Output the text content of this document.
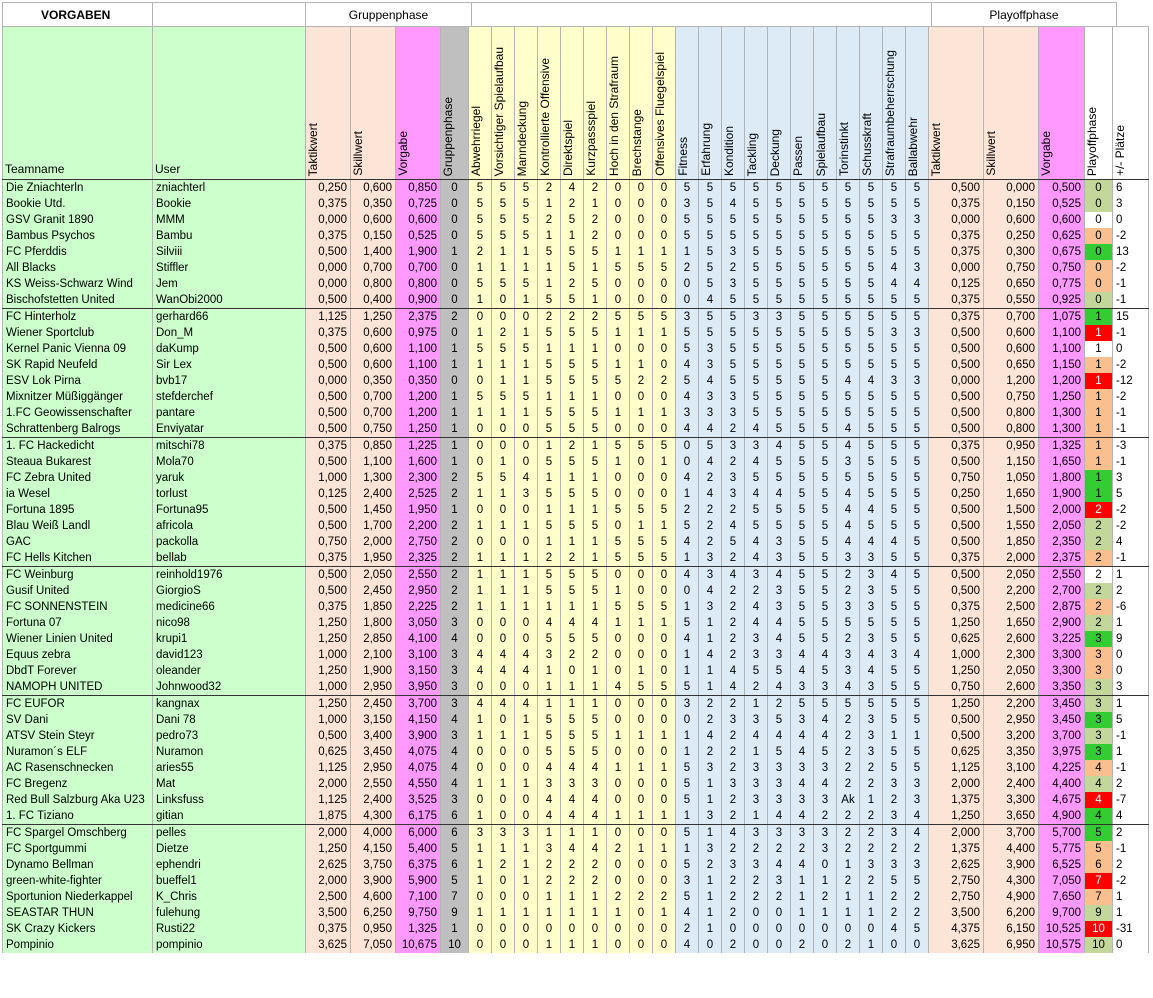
VORGABEN		Gruppenphase		Playoffphase	
Teamname	User	Taktikwert	Skillwert	Vorgabe	Gruppenphase	Abwehrriegel	Vorsichtiger Spielaufbau	Manndeckung	Kontrollierte Offensive	Direktspiel	Kurzpassspiel	Hoch in den Strafraum	Brechstange	Offensives Fluegelspiel	Fitness	Erfahrung	Kondition	Tackling	Deckung	Passen	Spielaufbau	Torinstinkt	Schusskraft	Strafraumbeherrschung	Ballabwehr	Taktikwert	Skillwert	Vorgabe	Playoffphase	+/- Plätze
Die Zniachterln	zniachterl	0,250	0,600	0,850	0	5	5	5	2	4	2	0	0	0	5	5	5	5	5	5	5	5	5	5	5	0,500	0,000	0,500	0	6
Bookie Utd.	Bookie	0,375	0,350	0,725	0	5	5	5	1	2	1	0	0	0	3	5	4	5	5	5	5	5	5	5	5	0,375	0,150	0,525	0	3
GSV Granit 1890	MMM	0,000	0,600	0,600	0	5	5	5	2	5	2	0	0	0	5	5	5	5	5	5	5	5	5	3	3	0,000	0,600	0,600	0	0
Bambus Psychos	Bambu	0,375	0,150	0,525	0	5	5	5	1	1	2	0	0	0	5	5	5	5	5	5	5	5	5	5	5	0,375	0,250	0,625	0	-2
FC Pferddis	Silviii	0,500	1,400	1,900	1	2	1	1	5	5	5	1	1	1	1	5	3	5	5	5	5	5	5	5	5	0,375	0,300	0,675	0	13
All Blacks	Stiffler	0,000	0,700	0,700	0	1	1	1	1	5	1	5	5	5	2	5	2	5	5	5	5	5	5	4	3	0,000	0,750	0,750	0	-2
KS Weiss-Schwarz Wind	Jem	0,000	0,800	0,800	0	5	5	5	1	2	5	0	0	0	0	5	3	5	5	5	5	5	5	4	4	0,125	0,650	0,775	0	-1
Bischofstetten United	WanObi2000	0,500	0,400	0,900	0	1	0	1	5	5	1	0	0	0	0	4	5	5	5	5	5	5	5	5	5	0,375	0,550	0,925	0	-1
FC Hinterholz	gerhard66	1,125	1,250	2,375	2	0	0	0	2	2	2	5	5	5	3	5	5	3	3	5	5	5	5	5	5	0,375	0,700	1,075	1	15
Wiener Sportclub	Don_M	0,375	0,600	0,975	0	1	2	1	5	5	5	1	1	1	5	5	5	5	5	5	5	5	5	3	3	0,500	0,600	1,100	1	-1
Kernel Panic Vienna 09	daKump	0,500	0,600	1,100	1	5	5	5	1	1	1	0	0	0	5	3	5	5	5	5	5	5	5	5	5	0,500	0,600	1,100	1	0
SK Rapid Neufeld	Sir Lex	0,500	0,600	1,100	1	1	1	1	5	5	5	1	1	0	4	3	5	5	5	5	5	5	5	5	5	0,500	0,650	1,150	1	-2
ESV Lok Pirna	bvb17	0,000	0,350	0,350	0	0	1	1	5	5	5	5	2	2	5	4	5	5	5	5	5	4	4	3	3	0,000	1,200	1,200	1	-12
Mixnitzer Müßiggänger	stefderchef	0,500	0,700	1,200	1	5	5	5	1	1	1	0	0	0	4	3	3	5	5	5	5	5	5	5	5	0,500	0,750	1,250	1	-2
1.FC Geowissenschafter	pantare	0,500	0,700	1,200	1	1	1	1	5	5	5	1	1	1	3	3	3	5	5	5	5	5	5	5	5	0,500	0,800	1,300	1	-1
Schrattenberg Balrogs	Enviyatar	0,500	0,750	1,250	1	0	0	0	5	5	5	0	0	0	4	4	2	4	5	5	5	4	5	5	5	0,500	0,800	1,300	1	-1
1. FC Hackedicht	mitschi78	0,375	0,850	1,225	1	0	0	0	1	2	1	5	5	5	0	5	3	3	4	5	5	4	5	5	5	0,375	0,950	1,325	1	-3
Steaua Bukarest	Mola70	0,500	1,100	1,600	1	0	1	0	5	5	5	1	0	1	0	4	2	4	5	5	5	3	5	5	5	0,500	1,150	1,650	1	-1
FC Zebra United	yaruk	1,000	1,300	2,300	2	5	5	4	1	1	1	0	0	0	4	2	3	5	5	5	5	5	5	5	5	0,750	1,050	1,800	1	3
ia Wesel	torlust	0,125	2,400	2,525	2	1	1	3	5	5	5	0	0	0	1	4	3	4	4	5	5	4	5	5	5	0,250	1,650	1,900	1	5
Fortuna 1895	Fortuna95	0,500	1,450	1,950	1	0	0	0	1	1	1	5	5	5	2	2	2	5	5	5	5	4	4	5	5	0,500	1,500	2,000	2	-2
Blau Weiß Landl	africola	0,500	1,700	2,200	2	1	1	1	5	5	5	0	1	1	5	2	4	5	5	5	5	4	5	5	5	0,500	1,550	2,050	2	-2
GAC	packolla	0,750	2,000	2,750	2	0	0	0	1	1	1	5	5	5	4	2	5	4	3	5	5	4	4	4	5	0,500	1,850	2,350	2	4
FC Hells Kitchen	bellab	0,375	1,950	2,325	2	1	1	1	2	2	1	5	5	5	1	3	2	4	3	5	5	3	3	5	5	0,375	2,000	2,375	2	-1
FC Weinburg	reinhold1976	0,500	2,050	2,550	2	1	1	1	5	5	5	0	0	0	4	3	4	3	4	5	5	2	3	4	5	0,500	2,050	2,550	2	1
Gusif United	GiorgioS	0,500	2,450	2,950	2	1	1	1	5	5	5	1	0	0	0	4	2	2	3	5	5	2	3	5	5	0,500	2,200	2,700	2	2
FC SONNENSTEIN	medicine66	0,375	1,850	2,225	2	1	1	1	1	1	1	5	5	5	1	3	2	4	3	5	5	3	3	5	5	0,375	2,500	2,875	2	-6
Fortuna 07	nico98	1,250	1,800	3,050	3	0	0	0	4	4	4	1	1	1	5	1	2	4	4	5	5	5	5	5	5	1,250	1,650	2,900	2	1
Wiener Linien United	krupi1	1,250	2,850	4,100	4	0	0	0	5	5	5	0	0	0	4	1	2	3	4	5	5	2	3	5	5	0,625	2,600	3,225	3	9
Equus zebra	david123	1,000	2,100	3,100	3	4	4	4	3	2	2	0	0	0	1	4	2	3	3	4	4	3	4	3	4	1,000	2,300	3,300	3	0
DbdT Forever	oleander	1,250	1,900	3,150	3	4	4	4	1	0	1	0	1	0	1	1	4	5	5	4	5	3	4	5	5	1,250	2,050	3,300	3	0
NAMOPH UNITED	Johnwood32	1,000	2,950	3,950	3	0	0	0	1	1	1	4	5	5	5	1	4	2	4	3	3	4	3	5	5	0,750	2,600	3,350	3	3
FC EUFOR	kangnax	1,250	2,450	3,700	3	4	4	4	1	1	1	0	0	0	3	2	2	1	2	5	5	5	5	5	5	1,250	2,200	3,450	3	1
SV Dani	Dani 78	1,000	3,150	4,150	4	1	0	1	5	5	5	0	0	0	0	2	3	3	5	3	4	2	3	5	5	0,500	2,950	3,450	3	5
ATSV Stein Steyr	pedro73	0,500	3,400	3,900	3	1	1	1	5	5	5	1	1	1	1	4	2	4	4	4	4	2	3	1	1	0,500	3,200	3,700	3	-1
Nuramon´s ELF	Nuramon	0,625	3,450	4,075	4	0	0	0	5	5	5	0	0	0	1	2	2	1	5	4	5	2	3	5	5	0,625	3,350	3,975	3	1
AC Rasenschnecken	aries55	1,125	2,950	4,075	4	0	0	0	4	4	4	1	1	1	5	3	2	3	3	3	3	2	2	5	5	1,125	3,100	4,225	4	-1
FC Bregenz	Mat	2,000	2,550	4,550	4	1	1	1	3	3	3	0	0	0	5	1	3	3	3	4	4	2	2	3	3	2,000	2,400	4,400	4	2
Red Bull Salzburg Aka U23	Linksfuss	1,125	2,400	3,525	3	0	0	0	4	4	4	0	0	0	5	1	2	3	3	3	3	Ak	1	2	3	1,375	3,300	4,675	4	-7
1. FC Tiziano	gitian	1,875	4,300	6,175	6	1	0	0	4	4	4	1	1	1	1	3	2	1	4	4	2	2	2	3	4	1,250	3,650	4,900	4	4
FC Spargel Omschberg	pelles	2,000	4,000	6,000	6	3	3	3	1	1	1	0	0	0	5	1	4	3	3	3	3	2	2	3	4	2,000	3,700	5,700	5	2
FC Sportgummi	Dietze	1,250	4,150	5,400	5	1	1	1	3	4	4	2	1	1	1	3	2	2	2	2	3	2	2	2	2	1,375	4,400	5,775	5	-1
Dynamo Bellman	ephendri	2,625	3,750	6,375	6	1	2	1	2	2	2	0	0	0	5	2	3	3	4	4	0	1	3	3	3	2,625	3,900	6,525	6	2
green-white-fighter	bueffel1	2,000	3,900	5,900	5	1	0	1	2	2	2	0	0	0	3	1	2	2	3	1	1	2	2	5	5	2,750	4,300	7,050	7	-2
Sportunion Niederkappel	K_Chris	2,500	4,600	7,100	7	0	0	0	1	1	1	2	2	2	5	1	2	2	2	1	2	1	1	2	2	2,750	4,900	7,650	7	1
SEASTAR THUN	fulehung	3,500	6,250	9,750	9	1	1	1	1	1	1	1	0	1	4	1	2	0	0	1	1	1	1	2	2	3,500	6,200	9,700	9	1
SK Crazy Kickers	Rusti22	0,375	0,950	1,325	1	0	0	0	0	0	0	0	0	0	2	1	0	0	0	0	0	0	0	4	5	4,375	6,150	10,525	10	-31
Pompinio	pompinio	3,625	7,050	10,675	10	0	0	0	1	1	1	0	0	0	4	0	2	0	0	2	0	2	1	0	0	3,625	6,950	10,575	10	0
